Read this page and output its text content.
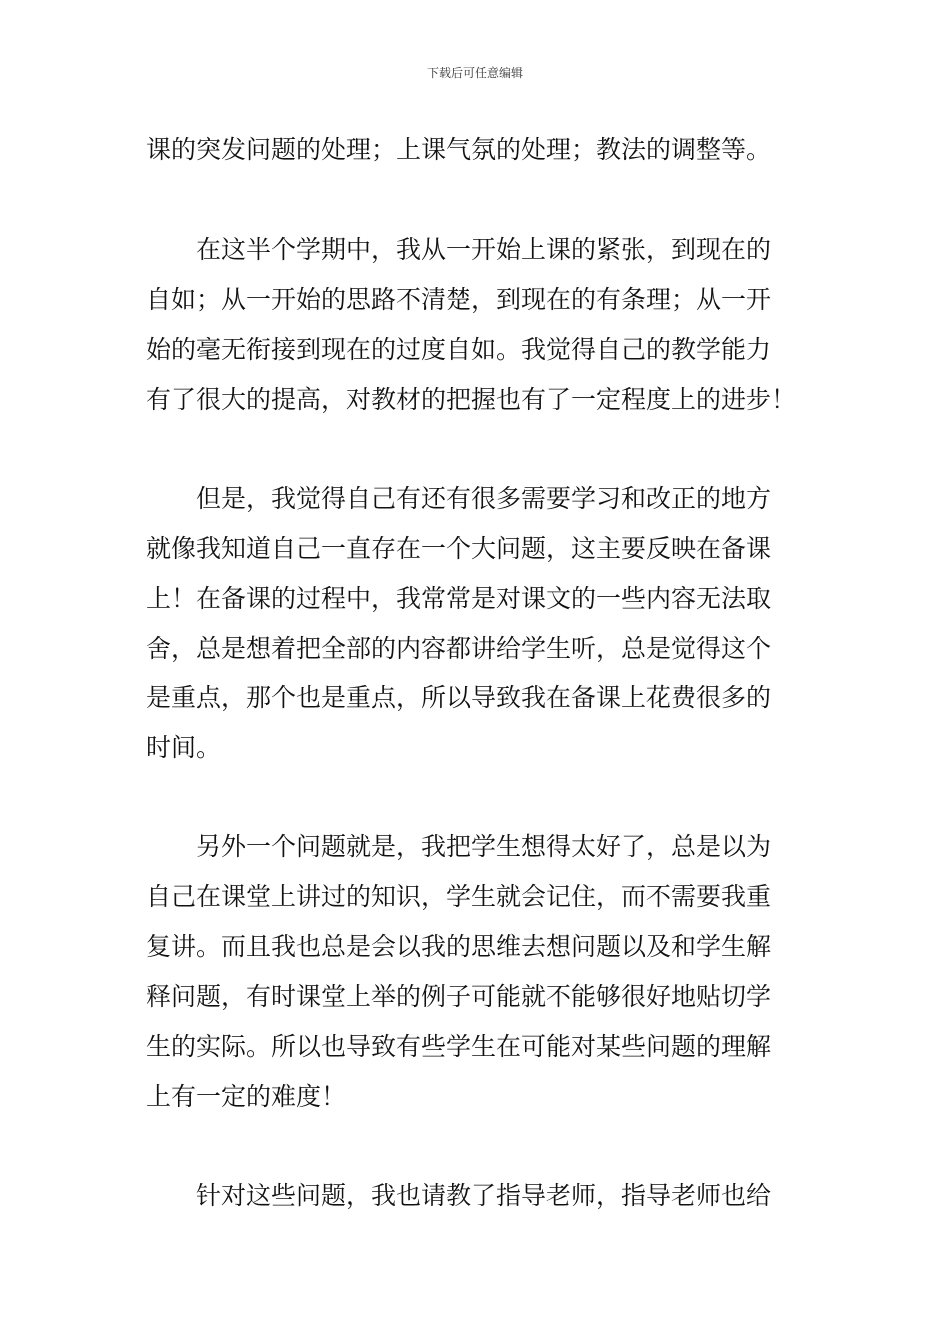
下载后可任意编辑
课的突发问题的处理；上课气氛的处理；教法的调整等。
　　在这半个学期中，我从一开始上课的紧张，到现在的
自如；从一开始的思路不清楚，到现在的有条理；从一开
始的毫无衔接到现在的过度自如。我觉得自己的教学能力
有了很大的提高，对教材的把握也有了一定程度上的进步！
　　但是，我觉得自己有还有很多需要学习和改正的地方
就像我知道自己一直存在一个大问题，这主要反映在备课
上！在备课的过程中，我常常是对课文的一些内容无法取
舍，总是想着把全部的内容都讲给学生听，总是觉得这个
是重点，那个也是重点，所以导致我在备课上花费很多的
时间。
　　另外一个问题就是，我把学生想得太好了，总是以为
自己在课堂上讲过的知识，学生就会记住，而不需要我重
复讲。而且我也总是会以我的思维去想问题以及和学生解
释问题，有时课堂上举的例子可能就不能够很好地贴切学
生的实际。所以也导致有些学生在可能对某些问题的理解
上有一定的难度！
　　针对这些问题，我也请教了指导老师，指导老师也给
